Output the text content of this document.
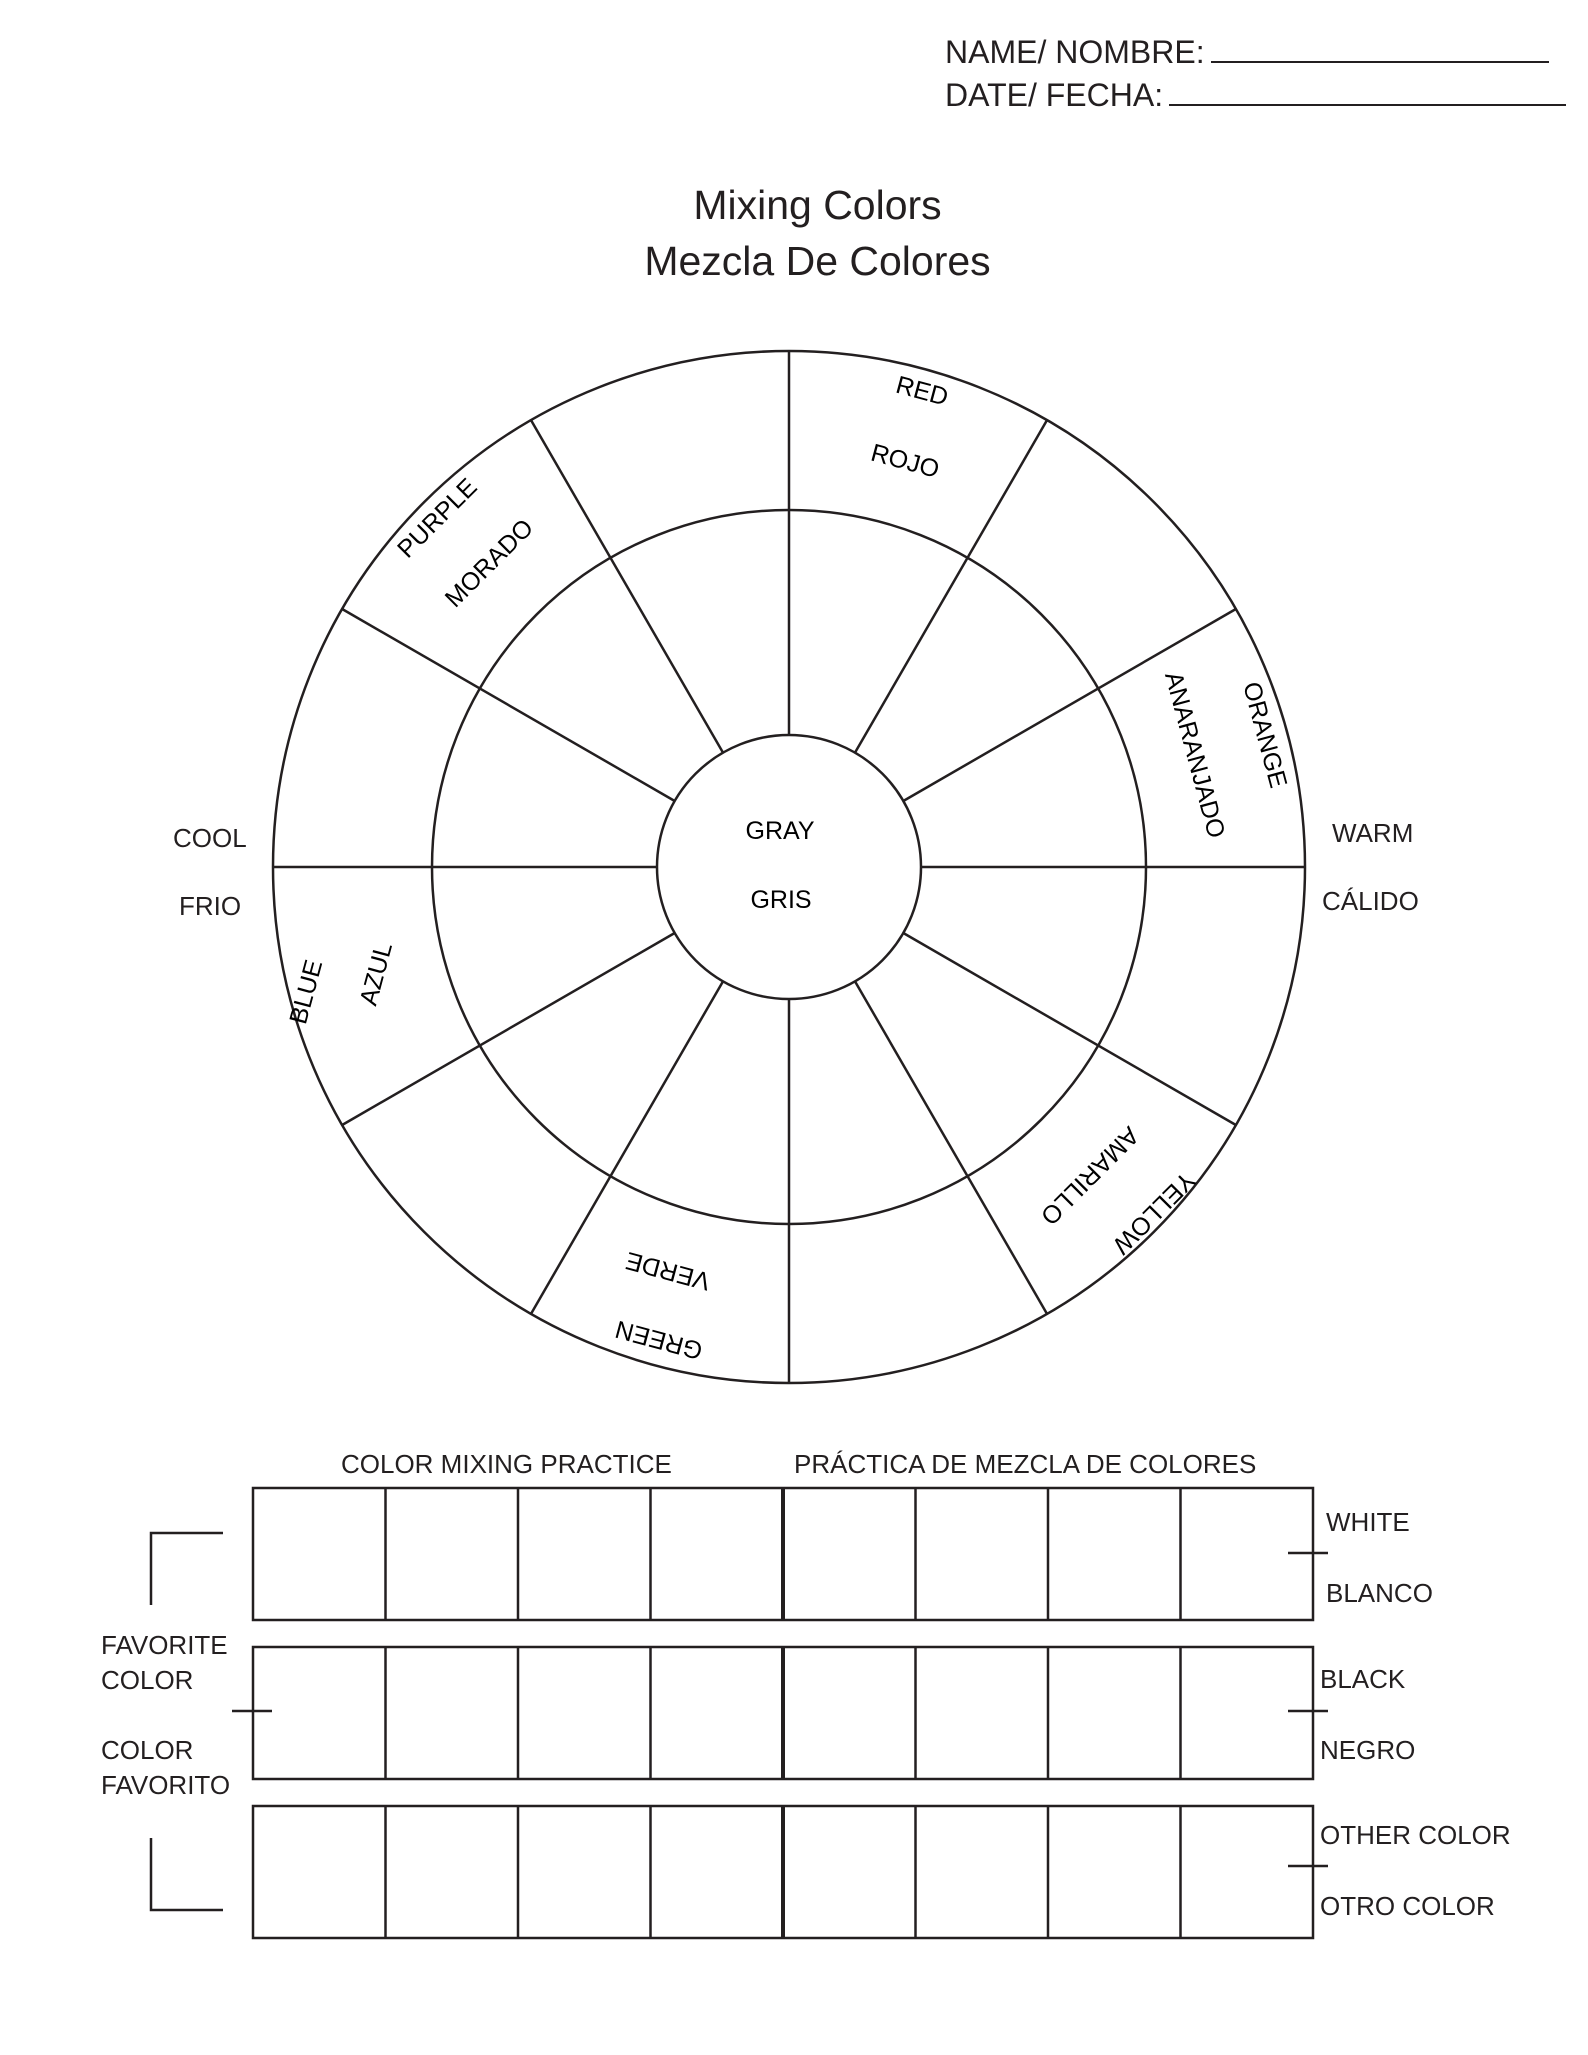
NAME/ NOMBRE:
DATE/ FECHA:
Mixing Colors
Mezcla De Colores
GRAY
GRIS
RED
ROJO
ORANGE
ANARANJADO
YELLOW
AMARILLO
GREEN
VERDE
BLUE AZUL
PURPLE
MORADO
COOL
FRIO
WARM
CÁLIDO
COLOR MIXING PRACTICE	PRÁCTICA DE MEZCLA DE COLORES
FAVORITE
COLOR
COLOR
FAVORITO
WHITE
BLANCO
BLACK
NEGRO
OTHER COLOR
OTRO COLOR
